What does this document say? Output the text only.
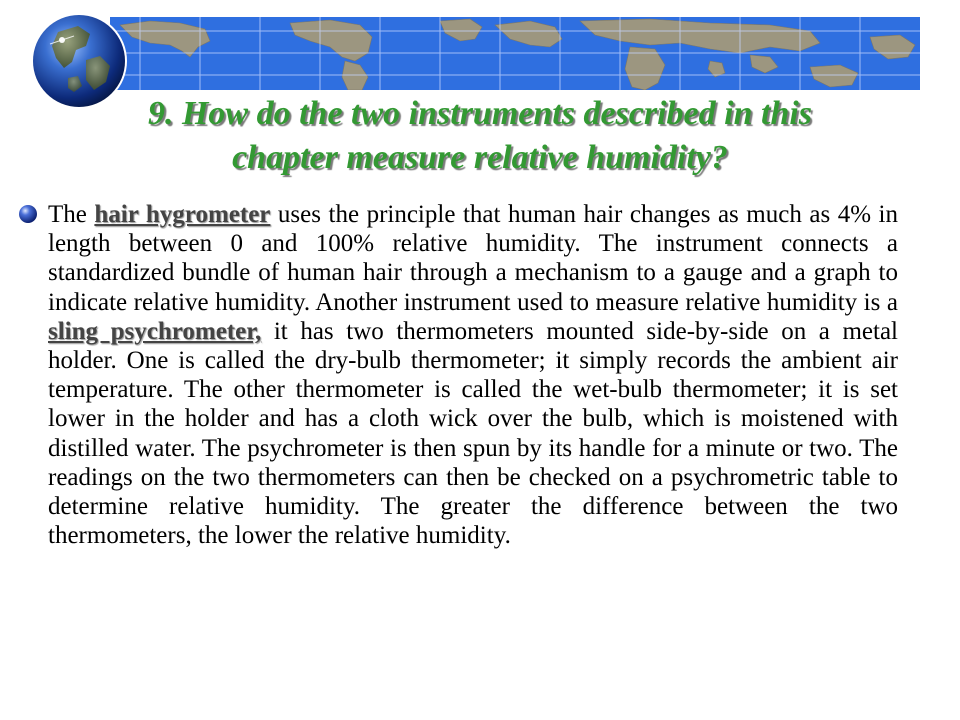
9. How do the two instruments described in this
chapter measure relative humidity?

The hair hygrometer uses the principle that human hair changes as much as 4% in length between 0 and 100% relative humidity. The instrument connects a standardized bundle of human hair through a mechanism to a gauge and a graph to indicate relative humidity. Another instrument used to measure relative humidity is a sling psychrometer, it has two thermometers mounted side-by-side on a metal holder. One is called the dry-bulb thermometer; it simply records the ambient air temperature. The other thermometer is called the wet-bulb thermometer; it is set lower in the holder and has a cloth wick over the bulb, which is moistened with distilled water. The psychrometer is then spun by its handle for a minute or two. The readings on the two thermometers can then be checked on a psychrometric table to determine relative humidity. The greater the difference between the two thermometers, the lower the relative humidity.
